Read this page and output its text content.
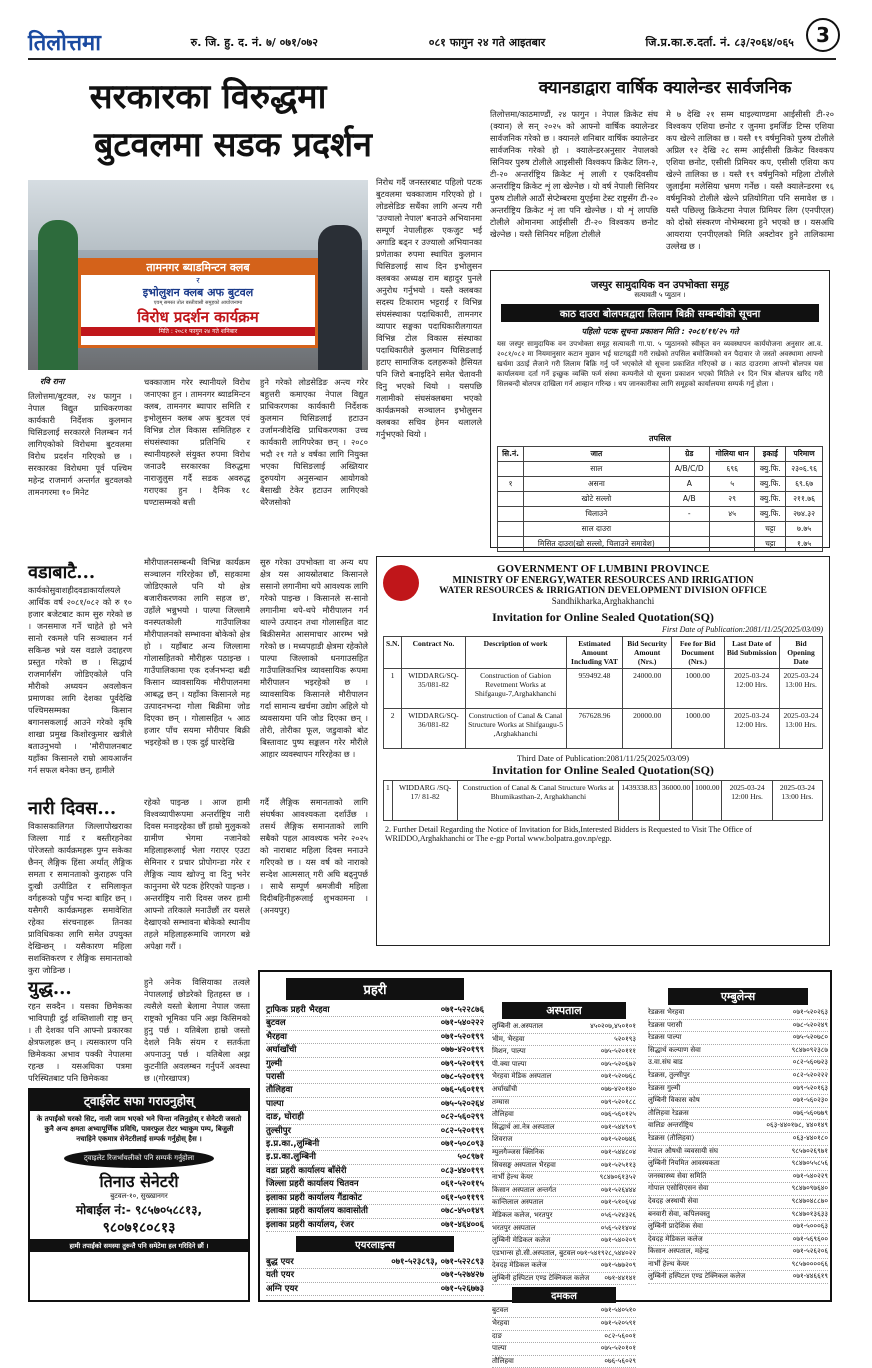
तिलोत्तमा	रु. जि. हु. द. नं. ७/ ०७१/०७२	०८१ फागुन २४ गते आइतबार	जि.प्र.का.रु.दर्ता. नं. ८३/२०६४/०६५	3
सरकारका विरुद्धमा
बुटवलमा सडक प्रदर्शन
तामनगर ब्याडमिन्टन क्लब
र
इभोलुशन क्लब अफ बुटवल
एवम् समस्त तोल बस्तीवासी समुहको आयोजनामा
विरोध प्रदर्शन कार्यक्रम
मिति : २०८१ फागुन २४ गते शनिबार
रवि राना
तिलोत्तमा/बुटवल, २४ फागुन । नेपाल विद्युत प्राधिकरणका कार्यकारी निर्देशक कुलमान घिसिङलाई सरकारले निलम्बन गर्न लागिएकोको विरोधमा बुटवलमा विरोध प्रदर्शन गरिएको छ । सरकारका विरोधमा पूर्व पश्चिम महेन्द्र राजमार्ग अन्तर्गत बुटवलको तामनगरमा १० मिनेट
चक्काजाम गरेर स्थानीयले विरोध जनाएका हुन । तामनगर ब्याडमिन्टन क्लब, तामनगर ब्यापार समिति र इभोलुसन क्लब अफ बुटवल एवं विभिन्न टोल विकास समितिहरु र संघसंस्थाका प्रतिनिधि र स्थानीयहरुले संयुक्त रुपमा विरोध जनाउदै सरकारका विरुद्धमा नाराजुलुस गर्दै सडक अवरुद्ध गराएका हुन । दैनिक १८ घण्टासम्मको बत्ती
हुने गरेको लोडसेडिङ अन्त्य गरेर बहुत्तरी कमाएका नेपाल विद्युत प्राधिकरणका कार्यकारी निर्देशक कुलमान घिसिङलाई हटाउन उर्जामन्त्रीदेखि प्राधिकरणका उच्च कार्यकारी लागिपरेका छन् । २०८० भदौ २१ गते ४ वर्षका लागि नियुक्त भएका घिसिङलाई अख्तियार दुरुपयोग अनुसन्धान आयोगको बैसाखी टेकेर हटाउन लागिएको धेरैजसोको
निरोध गर्दै जनस्तरबाट पहिलो पटक बुटवलमा चक्काजाम गरिएको हो । लोडसेडिङ सधैंका लागि अन्त्य गरी 'उज्यालो नेपाल' बनाउने अभियानमा सम्पूर्ण नेपालीहरू एकजुट भई अगाडि बढ्न र उज्यालो अभियानका प्रणेताका रुपमा स्थापित कुलमान घिसिङलाई साथ दिन इभोलुसन क्लबका अध्यक्ष राम बहादुर पुनले अनुरोध गर्नुभयो । यस्तै क्लबका सदस्य टिकाराम भट्टराई र विभिन्न संघसंस्थाका पदाधिकारी, तामनगर व्यापार सङ्घका पदाधिकारीलगायत विभिन्न टोल विकास संस्थाका पदाधिकारीले कुलमान घिसिङलाई हटाए सामाजिक दलहरूको हैसियत पनि जिरो बनाइदिने समेत चेतावनी दिनु भएको थियो । यसपछि गलामीको संघसंक्लबमा भएको कार्यक्रमको सञ्चालन इभोलुसन क्लबका सचिव हेमन थलालले गर्नुभएको थियो ।
क्यानडाद्वारा वार्षिक क्यालेन्डर सार्वजनिक
तिलोत्तमा/काठमाण्डौं, २४ फागुन । नेपाल क्रिकेट संघ (क्यान) ले सन् २०२५ को आफ्नो वार्षिक क्यालेन्डर सार्वजनिक गरेको छ । क्यानले शनिबार वार्षिक क्यालेन्डर सार्वजनिक गरेको हो । क्यालेन्डरअनुसार नेपालको सिनियर पुरुष टोलीले आइसीसी विश्वकप क्रिकेट लिग-२, टी-२० अन्तर्राष्ट्रिय क्रिकेट शृं लाली र एकदिवसीय अन्तर्राष्ट्रिय क्रिकेट शृं ला खेल्नेछ । यो वर्ष नेपाली सिनियर पुरुष टोलीले आठौं सेप्टेम्बरमा युएईमा टेस्ट राष्ट्रसँग टी-२० अन्तर्राष्ट्रिय क्रिकेट शृं ला पनि खेल्नेछ । यो शृं लापछि टोलीले ओमानमा आईसीसी टी-२० विश्वकप छनोट खेल्नेछ । यस्तै सिनियर महिला टोलीले
मे ७ देखि २१ सम्म थाइल्याण्डमा आईसीसी टी-२० विश्वकप एशिया छनोट र जुनमा इमर्जिङ टिम्स एशिया कप खेल्ने तालिका छ । यस्तै १९ वर्षमुनिको पुरुष टोलीले अप्रिल १२ देखि २८ सम्म आईसीसी क्रिकेट विश्वकप एशिया छनोट, एसीसी प्रिमियर कप, एसीसी एशिया कप खेल्ने तालिका छ । यस्तै १९ वर्षमुनिको महिला टोलीले जुलाईमा मलेसिया भ्रमण गर्नेछ । यस्तै क्यालेन्डरमा १६ वर्षमुनिको टोलीले खेल्ने प्रतियोगिता पनि समावेश छ । यस्तै पछिल्लु क्रिकेटमा नेपाल प्रिमियर लिग (एनपीएल) को दोस्रो संस्करण नोभेम्बरमा हुने भएको छ । यसअघि आयराया एनपीएलको मिति अक्टोवर हुने तालिकामा उल्लेख छ ।
जस्पुर सामुदायिक वन उपभोक्ता समूह
सत्यावती ५ प्युठान ।
काठ दाउरा बोलपत्रद्वारा लिलाम बिक्री सम्बन्धीको सूचना
पहिलो पटक सूचना प्रकाशन मिति : २०८१/११/२५ गते
यस जस्पुर सामुदायिक वन उपभोक्ता समूह सत्यावती गा.पा. ५ प्युठानको स्वीकृत वन व्यवस्थापन कार्ययोजना अनुसार आ.व. २०८१/०८२ मा नियमानुसार कटान मुछान भई घाटगढ्डी गरी राखेको तपसिल बमोजिमको वन पैदावार जे जस्तो अवस्थामा आफ्नो खर्चमा उठाई लैजाने गरी लिलाम बिक्रि गर्नु पर्ने भएकोले यो सूचना प्रकाशित गरिएको छ । काठ दाउरामा आफ्नो बोलपत्र यस कार्यालयमा दर्ता गर्ने इच्छुक व्यक्ति फर्म संस्था कम्पनीले यो सूचना प्रकाशन भएको मितिले २१ दिन भित्र बोलपत्र खरिद गरी सिलबन्दी बोलपत्र दाखिला गर्न आव्हान गरिन्छ । थप जानकारीका लागि समूहको कार्यालयमा सम्पर्क गर्नु होला ।
तपसिल
सि.नं.	जात	ग्रेड	गोलिया थान	इकाई	परिमाण
	साल	A/B/C/D	६९६	क्यु.फि.	२३०६.९६
१	असना	A	५	क्यु.फि.	६९.६७
	खोटे सल्लो	A/B	२९	क्यु.फि.	२११.७६
	चिलाउने	-	४५	क्यु.फि.	२७४.३२
	साल दाउरा			चट्टा	७.७५
	मिसित दाउरा(खो सल्लो, चिलाउने समावेश)			चट्टा	१.७५
GOVERNMENT OF LUMBINI PROVINCE
MINISTRY OF ENERGY,WATER RESOURCES AND IRRIGATION
WATER RESOURCES & IRRIGATION DEVELOPMENT DIVISION OFFICE
Sandhikharka,Arghakhanchi
Invitation for Online Sealed Quotation(SQ)
First Date of Publication:2081/11/25(2025/03/09)
S.N.	Contract No.	Description of work	Estimated Amount Including VAT	Bid Security Amount (Nrs.)	Fee for Bid Document (Nrs.)	Last Date of Bid Submission	Bid Opening Date
1	WIDDARG/SQ-35/081-82	Construction of Gabion Revetment Works at Shifgaugu-7,Arghakhanchi	959492.48	24000.00	1000.00	2025-03-24 12:00 Hrs.	2025-03-24 13:00 Hrs.
2	WIDDARG/SQ-36/081-82	Construction of Canal & Canal Structure Works at Shifgaugu-5 ,Arghakhanchi	767628.96	20000.00	1000.00	2025-03-24 12:00 Hrs.	2025-03-24 13:00 Hrs.
Third Date of Publication:2081/11/25(2025/03/09)
Invitation for Online Sealed Quotation(SQ)
1	WIDDARG /SQ-17/ 81-82	Construction of Canal & Canal Structure Works at Bhumikasthan-2, Arghakhanchi	1439338.83	36000.00	1000.00	2025-03-24 12:00 Hrs.	2025-03-24 13:00 Hrs.
2. Further Detail Regarding the Notice of Invitation for Bids,Interested Bidders is Requested to Visit The Office of WRIDDO,Arghakhanchi or The e-gp Portal www.bolpatra.gov.np/egp.
वडाबाटै...
कार्यकोसुवाशहीदवडाकार्यालयले आर्थिक वर्ष २०८१/०८२ को रु १० हजार बजेटबाट काम सुरु गरेको छ । जनसमाज गर्ने चाहेते हो भने सानो रकमले पनि सञ्चालन गर्न सकिन्छ भन्ने यस वडाले उदाहरण प्रस्तुत गरेको छ । सिद्धार्थ राजमार्गसँग जोडिएकोले पनि मौरीको अध्ययन अवलोकन प्रमाणका लागि देशका पूर्वदेखि पश्चिमसम्मका किसान बगानसकलाई आउने गरेको कृषि शाखा प्रमुख किशोरकुमार खत्रीले बताउनुभयो । 'मौरीपालनबाट यहाँका किसानले राम्रो आयआर्जन गर्न सफल बनेका छन्, हामीले
मौरीपालनसम्बन्धी विभिन्न कार्यक्रम सञ्चालन गरिरहेका छौं, सहकामा जोडिएकाले पनि यो क्षेत्र बजारीकरणका लागि सहज छ', उहाँले भन्नुभयो । पाल्पा जिल्लामै वनस्पतकोली गाउँपालिका मौरीपालनको सम्भावना बोकेको क्षेत्र हो । यहाँबाट अन्य जिल्लामा गोलासहितको मौरीहरू पठाइन्छ । गाउँपालिकामा एक दर्जनभन्दा बढी किसान व्यावसायिक मौरीपालनमा आबद्ध छन् । यहाँका किसानले मह उत्पादनभन्दा गोला बिक्रीमा जोड दिएका छन् । गोलासहित ५ आठ हजार पाँच सयमा मौरीपार बिक्री भइरहेको छ । एक दुई घारदेखि
सुरु गरेका उपभोक्ता वा अन्य थप क्षेत्र यस आयस्रोतबाट किसानले ससानो लगानीमा थपे आवश्यक लागि गरेको पाइन्छ । किसानले स-सानो लगानीमा थपे-थपे मौरीपालन गर्न थाल्ने उत्पादन तथा गोलासहित वाट बिक्रीसमेत आसमाचार आरम्भ भन्ने गरेको छ । मध्यपहाडी क्षेत्रमा रहेकोले पाल्पा जिल्लाको धनगाउसहित गाउँपालिकाभित्र व्यावसायिक रूपमा मौरीपालन भइरहेको छ । व्यावसायिक किसानले मौरीपालन गर्दा सामान्य खर्चमा उद्योग अहिले यो व्यवसायमा पनि जोड दिएका छन् । तोरी, तोरीका फूल, जडुवाको बोट बिस्तावाट पुष्प सङ्कलन गरेर मौरीले आहार व्यवस्थापन गरिरहेका छ ।
नारी दिवस...
विकासकालिगत जिल्लापोखराका जिल्ला गार्ड र बस्तीरहनेका पोरेजस्तो कार्यक्रमहरू पुग्न सकेका छैनन् लैङ्गिक हिंसा अर्थात् लैङ्गिक समता र समानताको कुराहरू पनि दुःखी उत्पीडित र समिलाकृत वर्गहरूको पहुँच भन्दा बाहिर छन् । यसैगरी कार्यक्रमहरू समावेशित रहेका संरचनाहरू तिनका प्राविधिकका लागि समेत उपयुक्त देखिन्छन् । यसैकारण महिला सशक्तिकरण र लैङ्गिक समानताको कुरा जोडिन्छ ।
रहेको पाइन्छ । आज हामी विश्वव्यापीरूपमा अन्तर्राष्ट्रिय नारी दिवस मनाइरहेका छौं हाम्रो मुलुकको ग्रामीण भेगमा नजानेको महिलाहरूलाई भेला गराएर एउटा सेमिनार र प्रचार प्रोपोगन्डा गरेर र लैङ्गिक न्याय खोज्नु वा दिनु भनेर कानुनमा धेरै पटक हेरिएको पाइन्छ । अन्तर्राष्ट्रिय नारी दिवस जरुर हामी आफ्नो तरिकाले मनाउँछौं तर यसले देखाएको सम्भावना बोकेको स्थानीय तहले महिलाहरूमाथि जागरण बन्ने अपेक्षा गरौं ।
गर्दै लैङ्गिक समानताको लागि संघर्षका आवश्यकता दर्शाउँछ । तसर्थ लैङ्गिक समानताको लागि सबैको पहल आवश्यक भनेर २०२५ को नाराबाट महिला दिवस मनाउने गरिएको छ । यस वर्ष को नाराको सन्देश आत्मसात् गरी अघि बढ्नुपर्छ । साथै सम्पूर्ण श्रमजीवी महिला दिदीबहिनीहरूलाई शुभकामना ।(अनयपुर)
युद्ध...
रहन सक्दैन । यसका छिमेकका भाविपाही दुई शक्तिशाली राष्ट्र छन् । ती देशका पनि आफ्नो प्रकारका क्षेत्रफलहरू छन् । त्यसकारण पनि छिमेकका अभाव पक्की नेपालमा रहन्छ । यसअघिका पत्रमा परिस्थितबाट पनि छिमेकका
हुने अनेक विसियाका तत्वले नेपाललाई छोडरेको हितहस्त छ । त्यसैले यस्तो बेलामा नेपाल जस्ता राष्ट्रको भूमिका पनि अझ किसिमको हुनु पर्छ । यतिबेला हाम्रो जस्तो देशले निकै संयम र सतर्कता अपनाउनु पर्छ । यतिबेला अझ कुटनीति अवलम्बन गर्नुपर्ने अवस्था छ ।(गोरखापत्र)
ट्वाईलेट सफा गराउनुहोस्
के तपाईंको घरको सिट, नाली जाम भएको भने चिन्ता नलिनुहोस् र सेनेटरी जसतो कुनै अन्य क्षमता अभ्यापूर्णिक प्रविधि, पावरफुल रोटर भ्याकुम पम्प, बिजुली नचाहिने एकमात्र सेनेटरीलाई सम्पर्क गर्नुहोस् हैस ।
ट्वाइलेट रिजर्भायलीको पनि सम्पर्क गर्नुहोला
तिनाउ सेनेटरी
बुटवल-१०, सुख्खानगर
मोबाईल नं:- ९८५७०५८८१३,
९८०७१८०८१३
हामी तपाईंको समस्या तुरुन्तै पनि समेटेमा हल गरिदिने छौं ।
प्रहरी
ट्राफिक प्रहरी भैरहवा	०७१-५२२८७६
बुटवल	०७१-५४०२२२
भैरहवा	०७१-५२०१९९
अर्घाखाँची	०७७-४२०१९९
गुल्मी	०७९-५२०१९९
परासी	०७८-५२०१९९
तौलिहवा	०७६-५६०११९
पाल्पा	०७५-५२०२६४
दाङ, घोराही	०८२-५६०२९९
तुल्सीपुर	०८२-५२०१९९
इ.प्र.का.,लुम्बिनी	०७१-५०८०९३
इ.प्र.का.लुम्बिनी	५०८९७१
वडा प्रहरी कार्यालय बाँसेरी	०८३-४४०१९९
जिल्ला प्रहरी कार्यालय चितवन	०६१-५२०११५
इलाका प्रहरी कार्यालय गैंडाकोट	०६१-५०११९९
इलाका प्रहरी कार्यालय कावासोती	०७८-४५०१४९
इलाका प्रहरी कार्यालय, रंजर	०७१-४६४००६
एयरलाइन्स
बुद्ध एयर	०७१-५२३८९३, ०७१-५२२८९३
यती एयर	०७१-५२७४२७
अग्नि एयर	०७१-५२६७७३
अस्पताल
लुम्बिनी अ.अस्पताल	४५०२०७,४५०१०१
भीम, भैरहवा	५२०१९३
मिशन, पाल्पा	०७५-५२०१११
पी.क्या पाल्पा	०७५-५२०६७२
भैरहवा मेडिक अस्पताल	०७१-५२०७६८
अर्घाखाँची	०७७-४२०१४०
तम्घास	०७९-५२०१८८
तौलिहवा	०७६-५६०१२५
सिद्धार्थ आ.नेत्र अस्पताल	०७१-५४४९०९
शिवराज	०७१-५२०७४६
म्युलगैञ्जस क्लिनिक	०७१-५४४८०४
सिवसङ्घ अस्पताल भैरहवा	०७१-५२५११३
नार्भी हेल्थ केयर	९८४७०६१३५२
किसान अस्पताल अन्तर्गत	०७१-५२६४४४
कान्तिलाल अस्पताल	०७१-५१०६५४
मेडिकल कलेज, भरतपुर	०५६-५२४३२६
भरतपुर अस्पताल	०५६-५२१४०४
लुम्बिनी मेडिकल कलेज	०७१-५४०२०९
एडभान्स हो.सी.अस्पताल, बुटवल ०७१-५४१९२८,५४४०२२
देवदह मेडिकल कलेज	०७१-५७७२०९
लुम्बिनी हस्पिटल एण्ड टेक्निकल कलेज ०७१-४४१४१
दमकल
बुटवल	०७१-५४०५१०
भैरहवा	०७१-५२०५९१
दाङ	०८२-५६००१
पाल्पा	०७५-५२०१०१
तौलिहवा	०७६-५६०२९
एम्बुलेन्स
रेडक्रस भैरहवा	०७१-५२०२६३
रेडक्रस परासी	०७८-५२०२४९
रेडक्रस पाल्पा	०७५-५२०७८०
सिद्धार्थ कल्याण सेवा	९८४७०९२३८७
उ.वा.संघ बाड	०८२-५६०७२३
रेडक्रस, तुल्सीपुर	०८२-५२०२२२
रेडक्रस गुल्मी	०७९-५२०१६३
लुम्बिनी विकास कोष	०७१-५६०२३०
तौलिहवा रेडक्रस	०७६-५६०७७९
वालिङ अन्तर्राष्ट्रिय	०६३-४४०१७८, ४४०१४९
रेडक्रस (तौलिहवा)	०६३-४४०१८०
नेपाल औषधी व्यवसायी संघ	९८५७०२६९७१
लुम्बिनी नियमित आवस्यकता	९८४७०५५८५६
जनस्वास्थ्य सेवा समिति	०७१-५४०२२९
गोपाल एसोसिएसन सेवा	९८४७०९७६४०
देवदह अस्थायी सेवा	९८४७०४८८७०
बनवारी सेवा, कपिलवस्तु	९८४७०१३६३३
लुम्बिनी प्रादेशिक सेवा	०७१-५०००६३
देवदह मेडिकल कलेज	०७१-५६९६००
किसान अस्पताल, महेन्द्र	०७१-५२६२०६
नार्भी हेल्थ केयर	९८५७००००६६
लुम्बिनी हस्पिटल एण्ड टेक्निकल कलेज	०७१-४४६६१९
